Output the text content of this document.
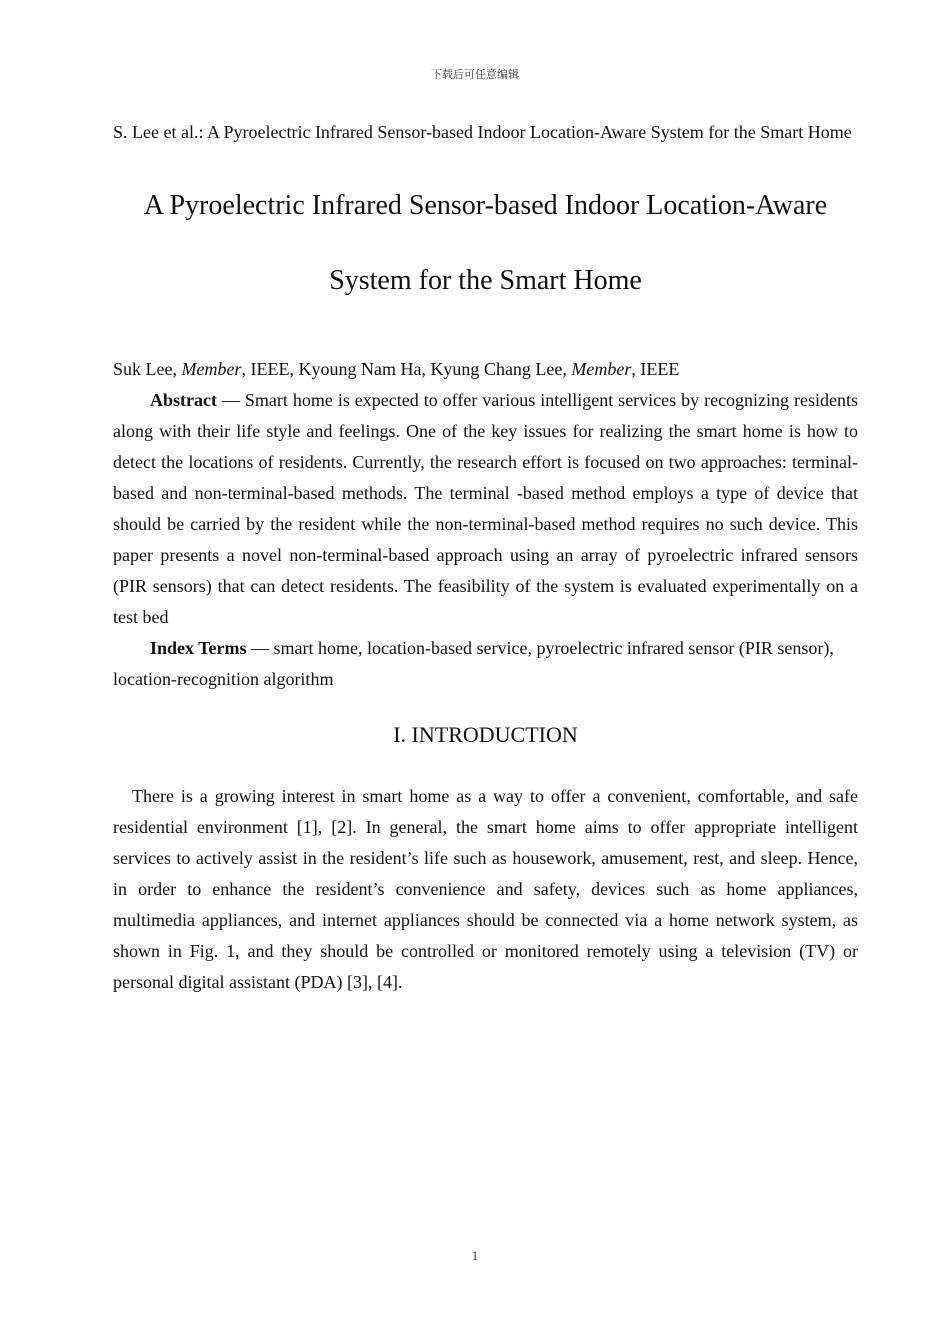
下载后可任意编辑

S. Lee et al.: A Pyroelectric Infrared Sensor-based Indoor Location-Aware System for the Smart Home

A Pyroelectric Infrared Sensor-based Indoor Location-Aware
System for the Smart Home

Suk Lee, Member, IEEE, Kyoung Nam Ha, Kyung Chang Lee, Member, IEEE

Abstract — Smart home is expected to offer various intelligent services by recognizing residents along with their life style and feelings. One of the key issues for realizing the smart home is how to detect the locations of residents. Currently, the research effort is focused on two approaches: terminal-based and non-terminal-based methods. The terminal -based method employs a type of device that should be carried by the resident while the non-terminal-based method requires no such device. This paper presents a novel non-terminal-based approach using an array of pyroelectric infrared sensors (PIR sensors) that can detect residents. The feasibility of the system is evaluated experimentally on a test bed

Index Terms — smart home, location-based service, pyroelectric infrared sensor (PIR sensor), location-recognition algorithm

I. INTRODUCTION

There is a growing interest in smart home as a way to offer a convenient, comfortable, and safe residential environment [1], [2]. In general, the smart home aims to offer appropriate intelligent services to actively assist in the resident’s life such as housework, amusement, rest, and sleep. Hence, in order to enhance the resident’s convenience and safety, devices such as home appliances, multimedia appliances, and internet appliances should be connected via a home network system, as shown in Fig. 1, and they should be controlled or monitored remotely using a television (TV) or personal digital assistant (PDA) [3], [4].

1
